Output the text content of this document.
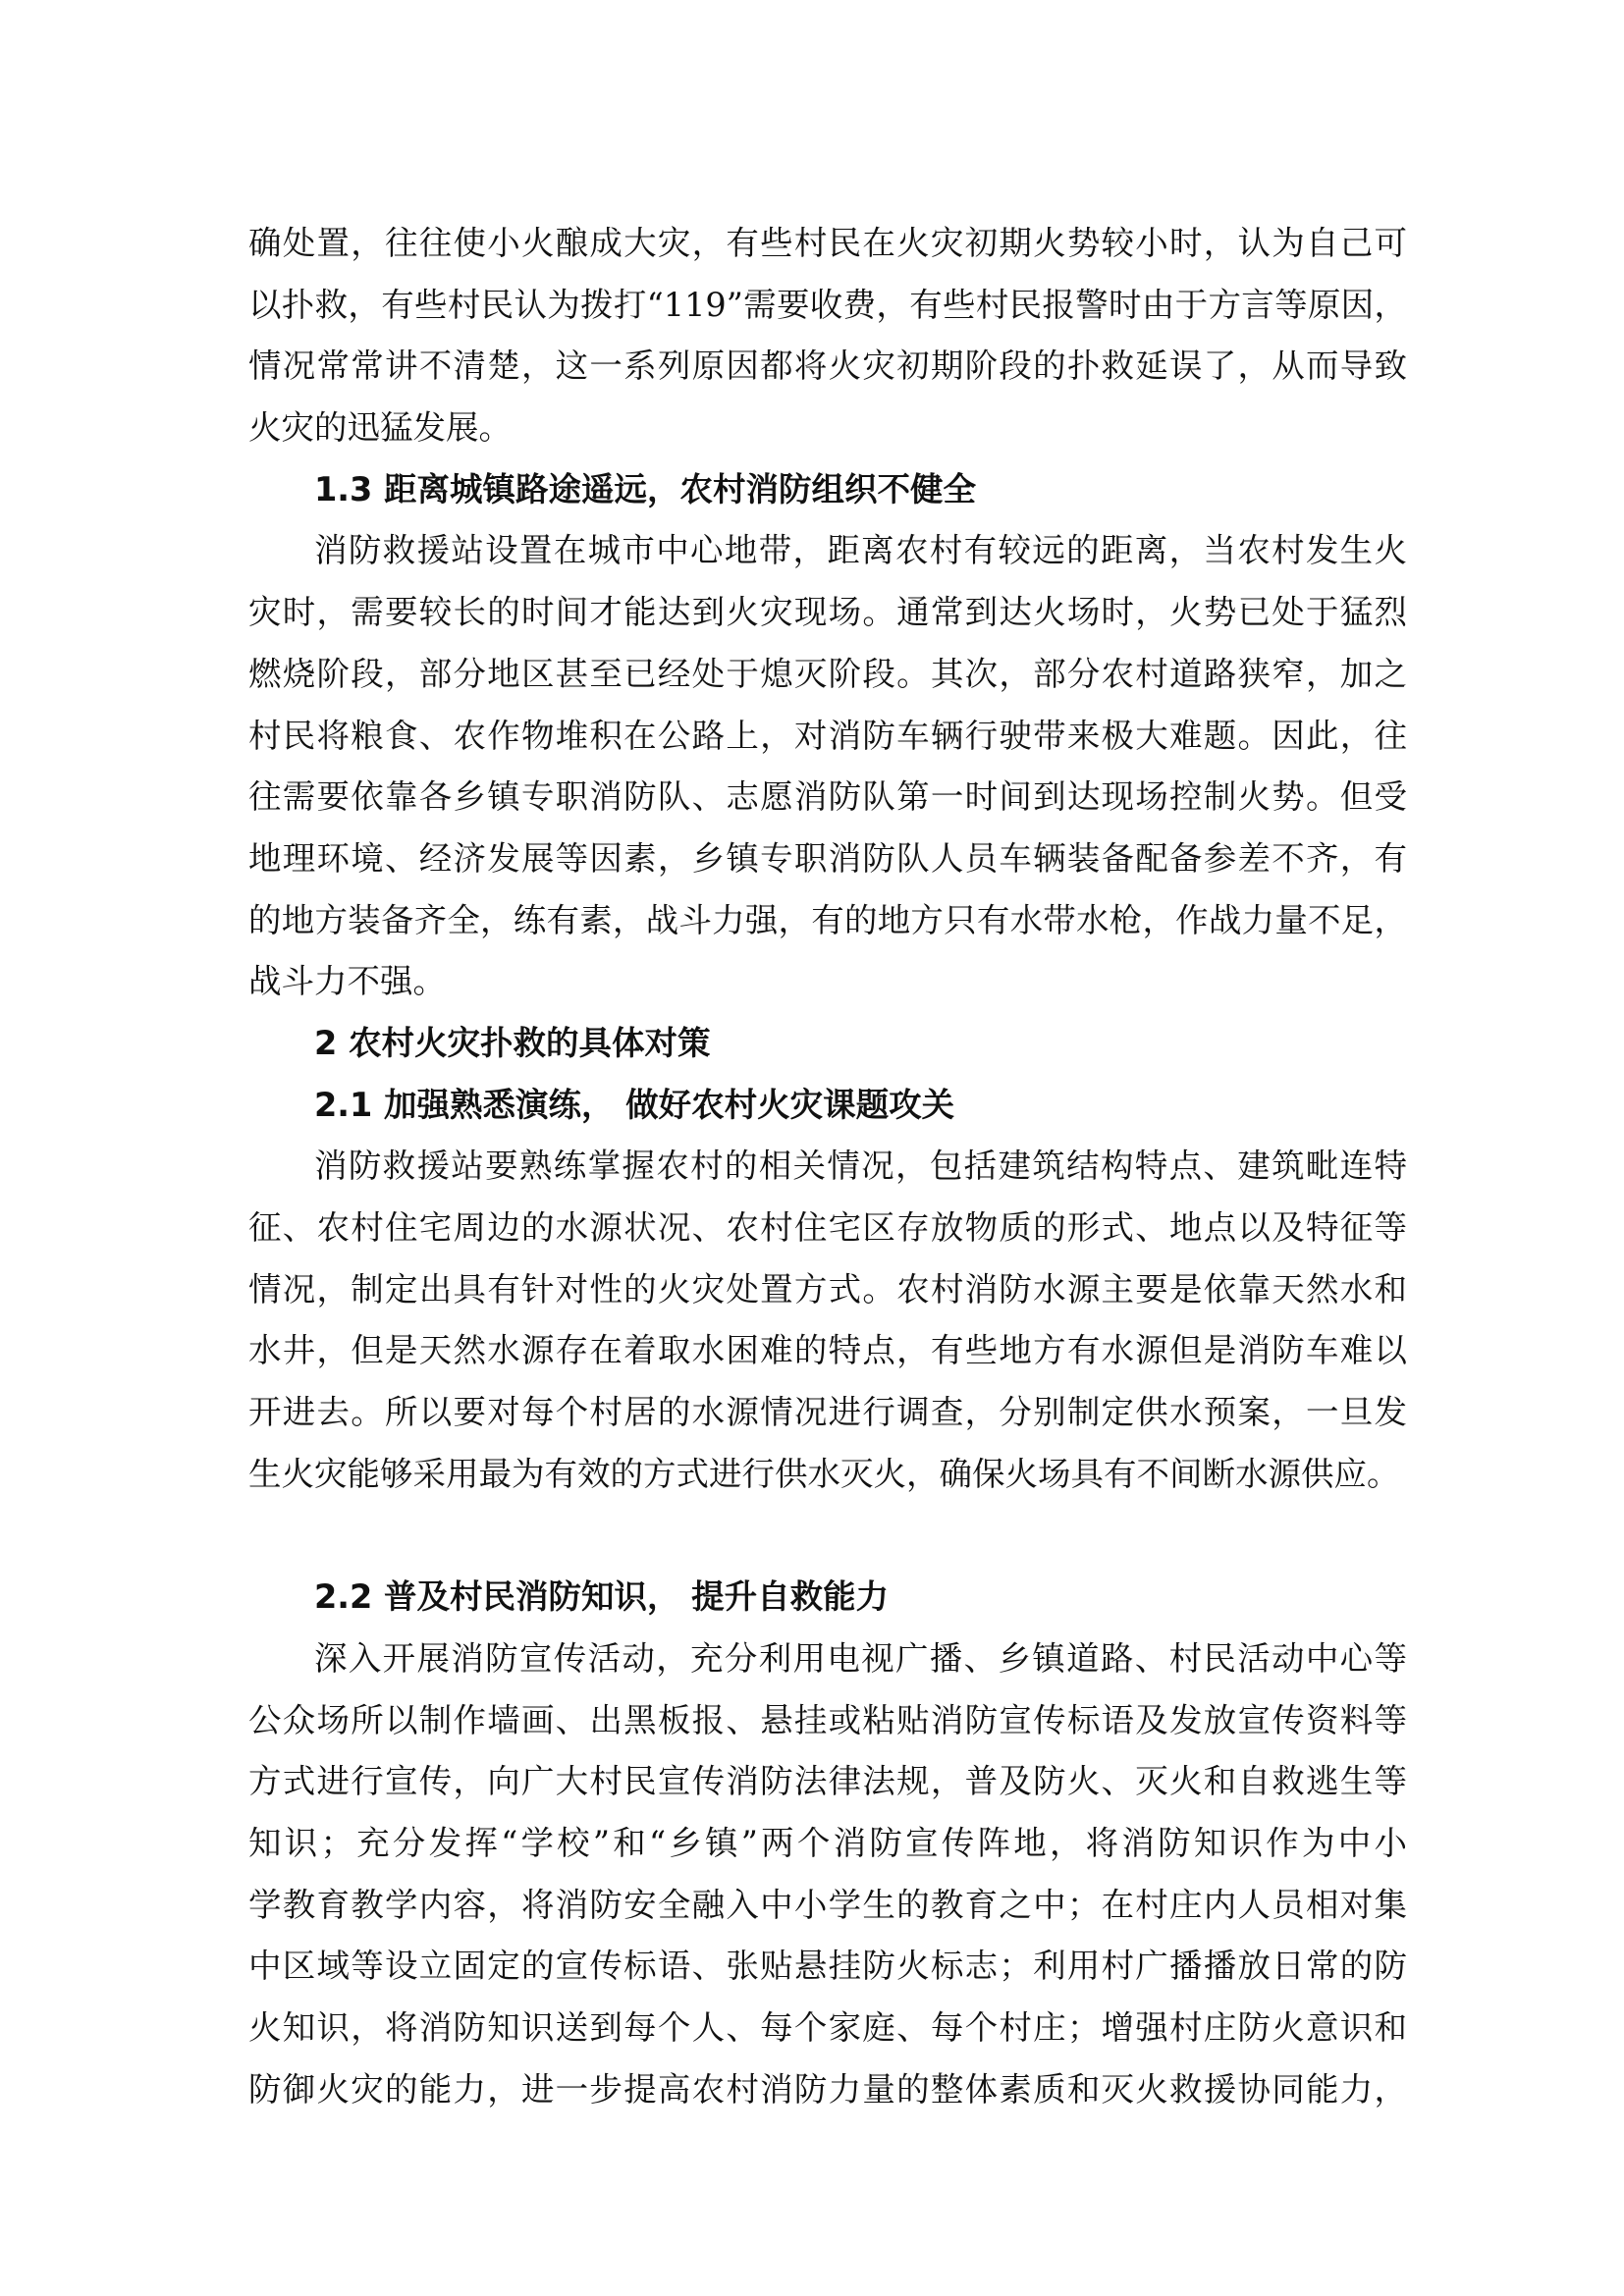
确处置，往往使小火酿成大灾，有些村民在火灾初期火势较小时，认为自己可
以扑救，有些村民认为拨打“119”需要收费，有些村民报警时由于方言等原因，
情况常常讲不清楚，这一系列原因都将火灾初期阶段的扑救延误了，从而导致
火灾的迅猛发展。
1.3 距离城镇路途遥远，农村消防组织不健全
消防救援站设置在城市中心地带，距离农村有较远的距离，当农村发生火
灾时，需要较长的时间才能达到火灾现场。通常到达火场时，火势已处于猛烈
燃烧阶段，部分地区甚至已经处于熄灭阶段。其次，部分农村道路狭窄，加之
村民将粮食、农作物堆积在公路上，对消防车辆行驶带来极大难题。因此，往
往需要依靠各乡镇专职消防队、志愿消防队第一时间到达现场控制火势。但受
地理环境、经济发展等因素，乡镇专职消防队人员车辆装备配备参差不齐，有
的地方装备齐全，练有素，战斗力强，有的地方只有水带水枪，作战力量不足，
战斗力不强。
2 农村火灾扑救的具体对策
2.1 加强熟悉演练， 做好农村火灾课题攻关
消防救援站要熟练掌握农村的相关情况，包括建筑结构特点、建筑毗连特
征、农村住宅周边的水源状况、农村住宅区存放物质的形式、地点以及特征等
情况，制定出具有针对性的火灾处置方式。农村消防水源主要是依靠天然水和
水井，但是天然水源存在着取水困难的特点，有些地方有水源但是消防车难以
开进去。所以要对每个村居的水源情况进行调查，分别制定供水预案，一旦发
生火灾能够采用最为有效的方式进行供水灭火，确保火场具有不间断水源供应。
2.2 普及村民消防知识， 提升自救能力
深入开展消防宣传活动，充分利用电视广播、乡镇道路、村民活动中心等
公众场所以制作墙画、出黑板报、悬挂或粘贴消防宣传标语及发放宣传资料等
方式进行宣传，向广大村民宣传消防法律法规，普及防火、灭火和自救逃生等
知识；充分发挥“学校”和“乡镇”两个消防宣传阵地，将消防知识作为中小
学教育教学内容，将消防安全融入中小学生的教育之中；在村庄内人员相对集
中区域等设立固定的宣传标语、张贴悬挂防火标志；利用村广播播放日常的防
火知识，将消防知识送到每个人、每个家庭、每个村庄；增强村庄防火意识和
防御火灾的能力，进一步提高农村消防力量的整体素质和灭火救援协同能力，
